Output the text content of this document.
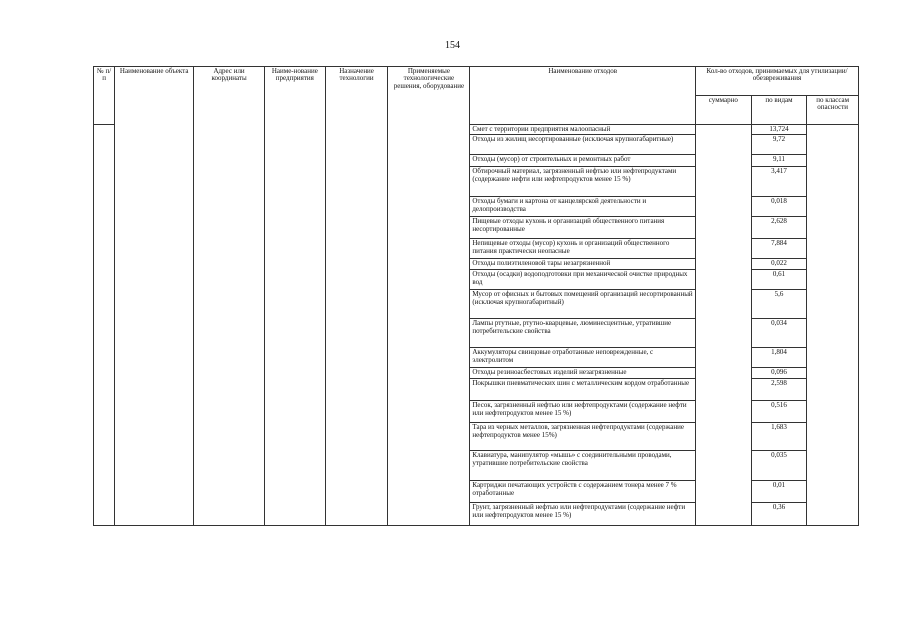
154
№ п/п	Наименование объекта	Адрес или координаты	Наиме-нование предприятия	Назначение технологии	Применяемые технологические решения, оборудование	Наименование отходов	Кол-во отходов, принимаемых для утилизации/обезвреживания		
							суммарно	по видам	по классам опасности
						Смет с территории предприятия малоопасный		13,724	
						Отходы из жилищ несортированные (исключая крупногабаритные)		9,72	
						Отходы (мусор) от строительных и ремонтных работ		9,11	
						Обтирочный материал, загрязненный нефтью или нефтепродуктами (содержание нефти или нефтепродуктов менее 15 %)		3,417	
						Отходы бумаги и картона от канцелярской деятельности и делопроизводства		0,018	
						Пищевые отходы кухонь и организаций общественного питания несортированные		2,628	
						Непищевые отходы (мусор) кухонь и организаций общественного питания практически неопасные		7,884	
						Отходы полиэтиленовой тары незагрязненной		0,022	
						Отходы (осадки) водоподготовки при механической очистке природных вод		0,61	
						Мусор от офисных и бытовых помещений организаций несортированный (исключая крупногабаритный)		5,6	
						Лампы ртутные, ртутно-кварцевые, люминесцентные, утратившие потребительские свойства		0,034	
						Аккумуляторы свинцовые отработанные неповрежденные, с электролитом		1,804	
						Отходы резиноасбестовых изделий незагрязненные		0,096	
						Покрышки пневматических шин с металлическим кордом отработанные		2,598	
						Песок, загрязненный нефтью или нефтепродуктами (содержание нефти или нефтепродуктов менее 15 %)		0,516	
						Тара из черных металлов, загрязненная нефтепродуктами (содержание нефтепродуктов менее 15%)		1,683	
						Клавиатура, манипулятор «мышь» с соединительными проводами, утратившие потребительские свойства		0,035	
						Картриджи печатающих устройств с содержанием тонера менее 7 % отработанные		0,01	
						Грунт, загрязненный нефтью или нефтепродуктами (содержание нефти или нефтепродуктов менее 15 %)		0,36	
